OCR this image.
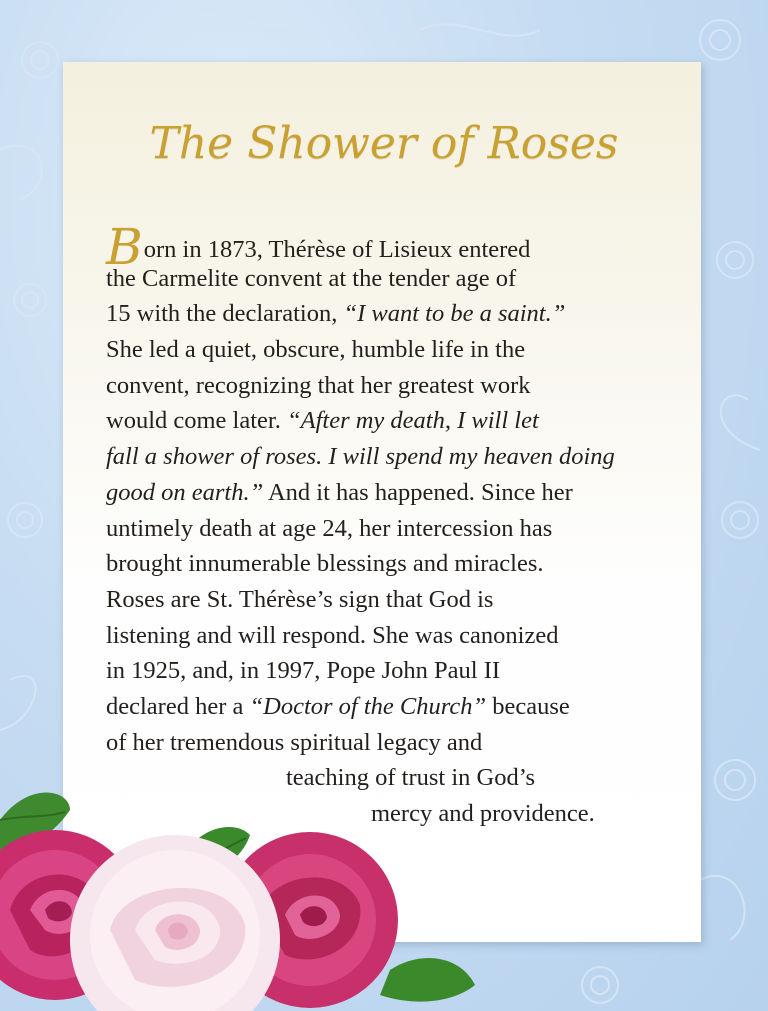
The Shower of Roses
Born in 1873, Thérèse of Lisieux entered
the Carmelite convent at the tender age of
15 with the declaration, “I want to be a saint.”
She led a quiet, obscure, humble life in the
convent, recognizing that her greatest work
would come later. “After my death, I will let
fall a shower of roses. I will spend my heaven doing
good on earth.” And it has happened. Since her
untimely death at age 24, her intercession has
brought innumerable blessings and miracles.
Roses are St. Thérèse’s sign that God is
listening and will respond. She was canonized
in 1925, and, in 1997, Pope John Paul II
declared her a “Doctor of the Church” because
of her tremendous spiritual legacy and
teaching of trust in God’s
mercy and providence.
